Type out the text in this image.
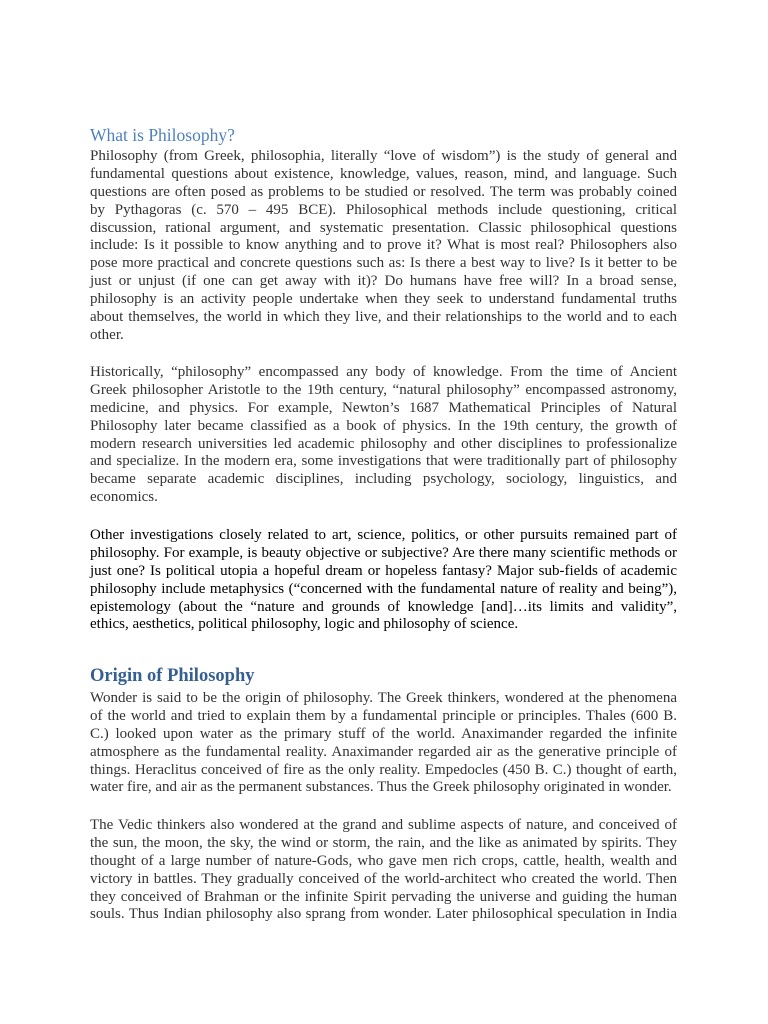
What is Philosophy?
Philosophy (from Greek, philosophia, literally “love of wisdom”) is the study of general and
fundamental questions about existence, knowledge, values, reason, mind, and language. Such
questions are often posed as problems to be studied or resolved. The term was probably coined
by Pythagoras (c. 570 – 495 BCE). Philosophical methods include questioning, critical
discussion, rational argument, and systematic presentation. Classic philosophical questions
include: Is it possible to know anything and to prove it? What is most real? Philosophers also
pose more practical and concrete questions such as: Is there a best way to live? Is it better to be
just or unjust (if one can get away with it)? Do humans have free will? In a broad sense,
philosophy is an activity people undertake when they seek to understand fundamental truths
about themselves, the world in which they live, and their relationships to the world and to each
other.
Historically, “philosophy” encompassed any body of knowledge. From the time of Ancient
Greek philosopher Aristotle to the 19th century, “natural philosophy” encompassed astronomy,
medicine, and physics. For example, Newton’s 1687 Mathematical Principles of Natural
Philosophy later became classified as a book of physics. In the 19th century, the growth of
modern research universities led academic philosophy and other disciplines to professionalize
and specialize. In the modern era, some investigations that were traditionally part of philosophy
became separate academic disciplines, including psychology, sociology, linguistics, and
economics.
Other investigations closely related to art, science, politics, or other pursuits remained part of
philosophy. For example, is beauty objective or subjective? Are there many scientific methods or
just one? Is political utopia a hopeful dream or hopeless fantasy? Major sub-fields of academic
philosophy include metaphysics (“concerned with the fundamental nature of reality and being”),
epistemology (about the “nature and grounds of knowledge [and]…its limits and validity”,
ethics, aesthetics, political philosophy, logic and philosophy of science.
Origin of Philosophy
Wonder is said to be the origin of philosophy. The Greek thinkers, wondered at the phenomena
of the world and tried to explain them by a fundamental principle or principles. Thales (600 B.
C.) looked upon water as the primary stuff of the world. Anaximander regarded the infinite
atmosphere as the fundamental reality. Anaximander regarded air as the generative principle of
things. Heraclitus conceived of fire as the only reality. Empedocles (450 B. C.) thought of earth,
water fire, and air as the permanent substances. Thus the Greek philosophy originated in wonder.
The Vedic thinkers also wondered at the grand and sublime aspects of nature, and conceived of
the sun, the moon, the sky, the wind or storm, the rain, and the like as animated by spirits. They
thought of a large number of nature-Gods, who gave men rich crops, cattle, health, wealth and
victory in battles. They gradually conceived of the world-architect who created the world. Then
they conceived of Brahman or the infinite Spirit pervading the universe and guiding the human
souls. Thus Indian philosophy also sprang from wonder. Later philosophical speculation in India
